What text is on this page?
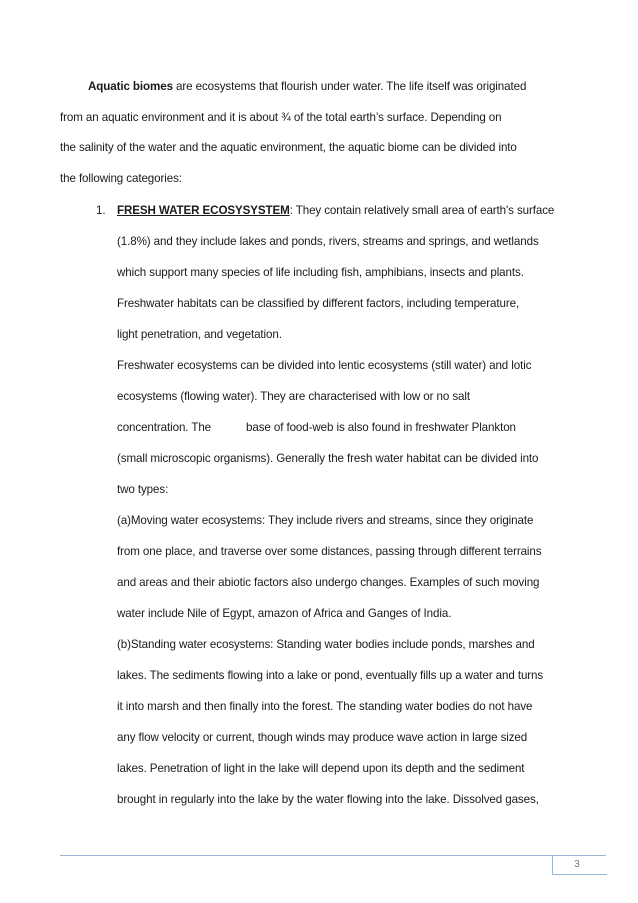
Aquatic biomes are ecosystems that flourish under water. The life itself was originated
from an aquatic environment and it is about ¾ of the total earth’s surface. Depending on
the salinity of the water and the aquatic environment, the aquatic biome can be divided into
the following categories:
1. FRESH WATER ECOSYSYSTEM: They contain relatively small area of earth's surface
(1.8%) and they include lakes and ponds, rivers, streams and springs, and wetlands
which support many species of life including fish, amphibians, insects and plants.
Freshwater habitats can be classified by different factors, including temperature,
light penetration, and vegetation.
Freshwater ecosystems can be divided into lentic ecosystems (still water) and lotic
ecosystems (flowing water). They are characterised with low or no salt
concentration. The	base of food-web is also found in freshwater Plankton
(small microscopic organisms). Generally the fresh water habitat can be divided into
two types:
(a)Moving water ecosystems: They include rivers and streams, since they originate
from one place, and traverse over some distances, passing through different terrains
and areas and their abiotic factors also undergo changes. Examples of such moving
water include Nile of Egypt, amazon of Africa and Ganges of India.
(b)Standing water ecosystems: Standing water bodies include ponds, marshes and
lakes. The sediments flowing into a lake or pond, eventually fills up a water and turns
it into marsh and then finally into the forest. The standing water bodies do not have
any flow velocity or current, though winds may produce wave action in large sized
lakes. Penetration of light in the lake will depend upon its depth and the sediment
brought in regularly into the lake by the water flowing into the lake. Dissolved gases,
3
